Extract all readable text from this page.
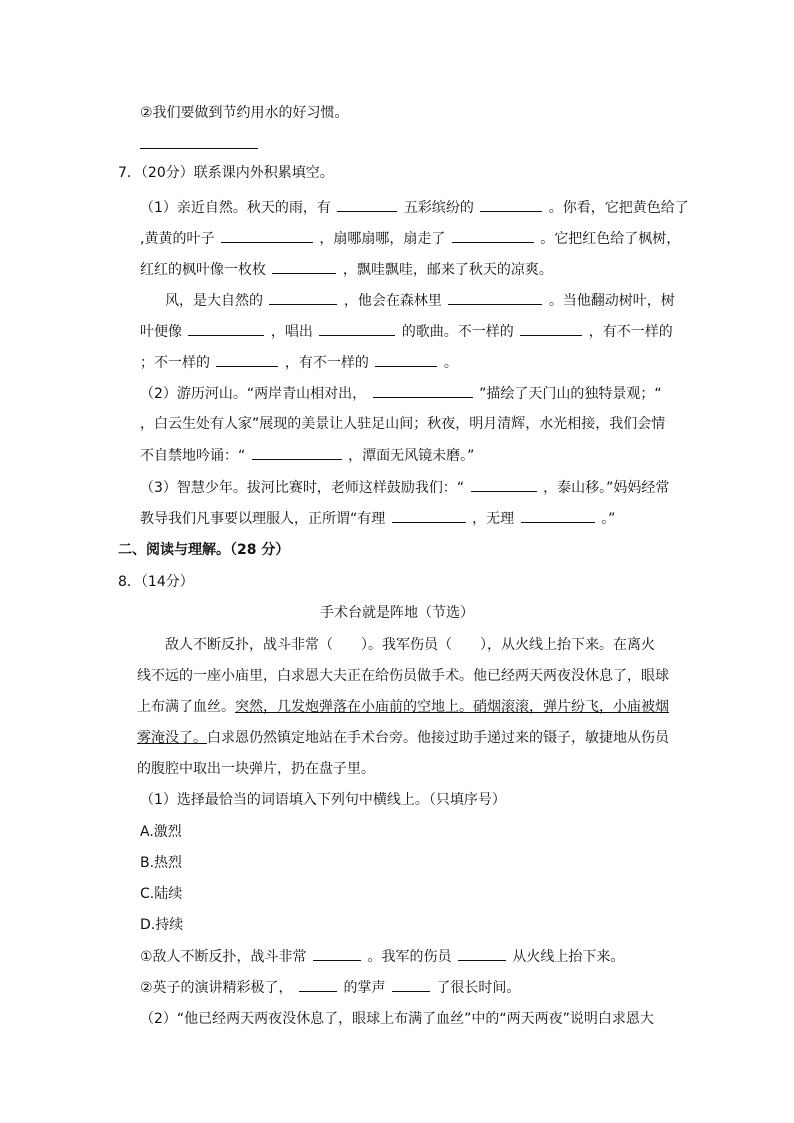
②我们要做到节约用水的好习惯。
7．（20分）联系课内外积累填空。
（1）亲近自然。秋天的雨，有	五彩缤纷的	。你看，它把黄色给了
,黄黄的叶子	，扇哪扇哪，扇走了	。它把红色给了枫树，
红红的枫叶像一枚枚	，飘哇飘哇，邮来了秋天的凉爽。
风，是大自然的	，他会在森林里	。当他翻动树叶，树
叶便像	，唱出	的歌曲。不一样的	，有不一样的
；不一样的	，有不一样的	。
（2）游历河山。“两岸青山相对出，	”描绘了天门山的独特景观；“
，白云生处有人家”展现的美景让人驻足山间；秋夜，明月清辉，水光相接，我们会情
不自禁地吟诵：“	，潭面无风镜未磨。”
（3）智慧少年。拔河比赛时，老师这样鼓励我们：“	，泰山移。”妈妈经常
教导我们凡事要以理服人，正所谓“有理	，无理	。”
二、阅读与理解。（28 分）
8．（14分）
手术台就是阵地（节选）
敌人不断反扑，战斗非常（　　）。我军伤员（　　），从火线上抬下来。在离火
线不远的一座小庙里，白求恩大夫正在给伤员做手术。他已经两天两夜没休息了，眼球
上布满了血丝。突然，几发炮弹落在小庙前的空地上。硝烟滚滚，弹片纷飞，小庙被烟
雾淹没了。白求恩仍然镇定地站在手术台旁。他接过助手递过来的镊子，敏捷地从伤员
的腹腔中取出一块弹片，扔在盘子里。
（1）选择最恰当的词语填入下列句中横线上。（只填序号）
A.激烈
B.热烈
C.陆续
D.持续
①敌人不断反扑，战斗非常	。我军的伤员	从火线上抬下来。
②英子的演讲精彩极了，	的掌声	了很长时间。
（2）“他已经两天两夜没休息了，眼球上布满了血丝”中的“两天两夜”说明白求恩大
